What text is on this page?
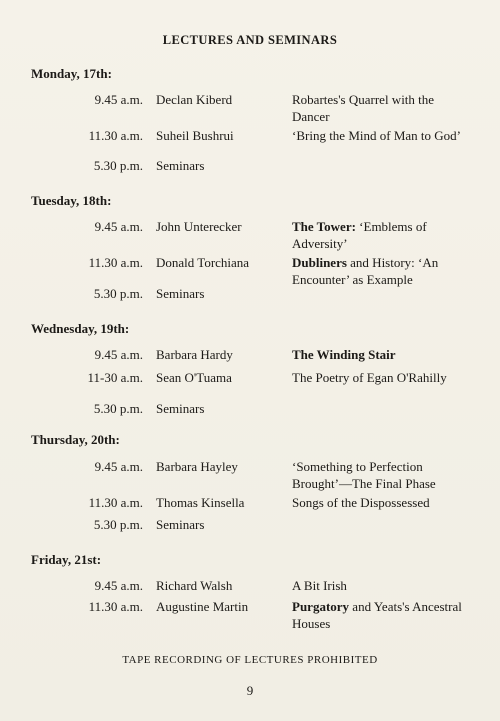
LECTURES AND SEMINARS
Monday, 17th:
9.45 a.m. Declan Kiberd	Robartes's Quarrel with the Dancer
11.30 a.m. Suheil Bushrui	‘Bring the Mind of Man to God’
5.30 p.m. Seminars
Tuesday, 18th:
9.45 a.m. John Unterecker	The Tower: ‘Emblems of Adversity’
11.30 a.m. Donald Torchiana	Dubliners and History: ‘An Encounter’ as Example
5.30 p.m. Seminars
Wednesday, 19th:
9.45 a.m. Barbara Hardy	The Winding Stair
11-30 a.m. Sean O'Tuama	The Poetry of Egan O'Rahilly
5.30 p.m. Seminars
Thursday, 20th:
9.45 a.m. Barbara Hayley	‘Something to Perfection Brought’—The Final Phase
11.30 a.m. Thomas Kinsella	Songs of the Dispossessed
5.30 p.m. Seminars
Friday, 21st:
9.45 a.m. Richard Walsh	A Bit Irish
11.30 a.m. Augustine Martin	Purgatory and Yeats's Ancestral Houses
TAPE RECORDING OF LECTURES PROHIBITED
9
